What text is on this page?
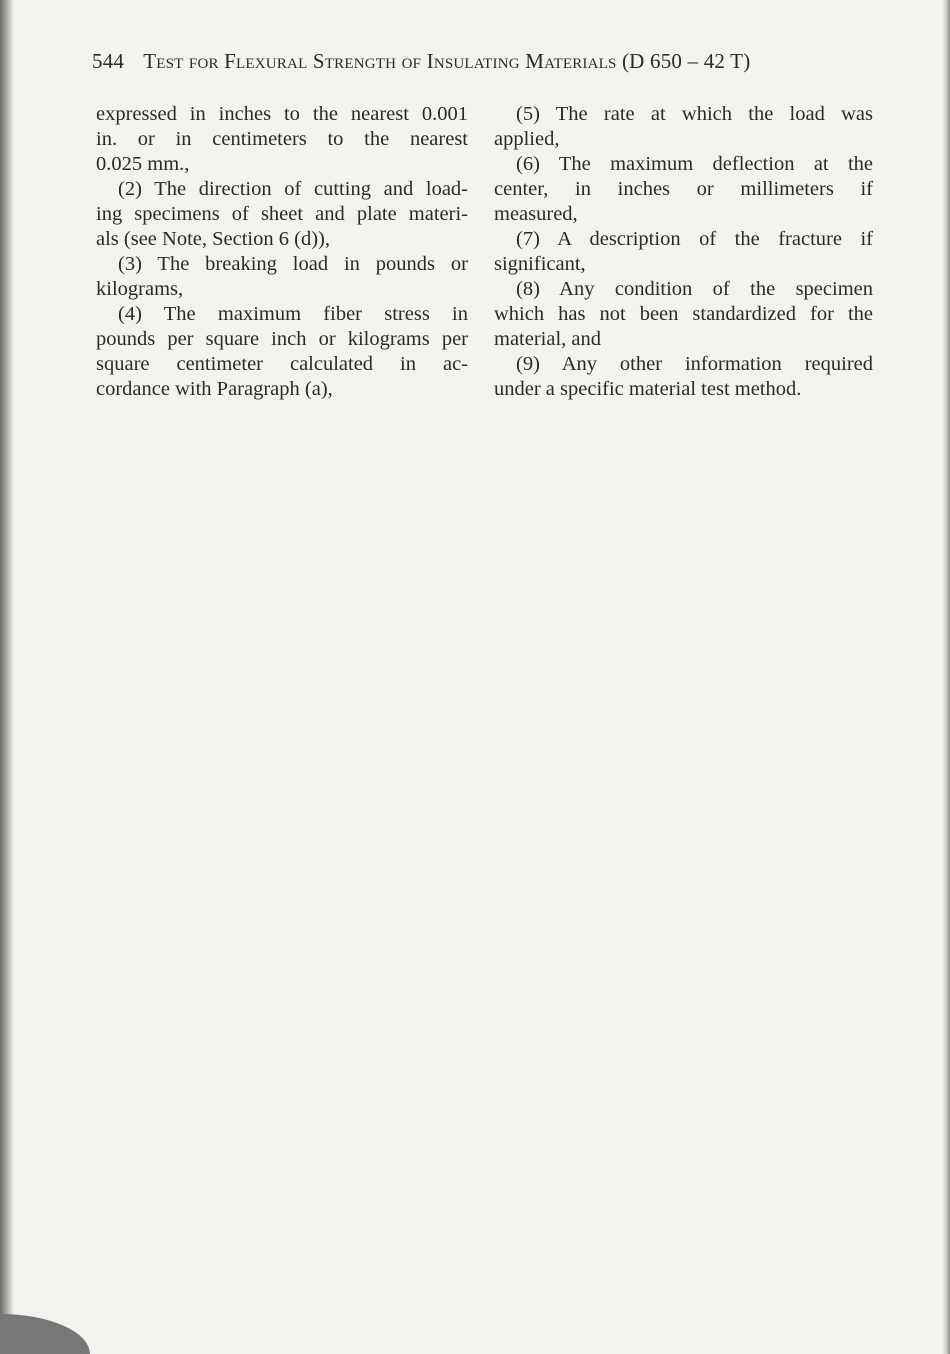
544 Test for Flexural Strength of Insulating Materials (D 650 – 42 T)
expressed in inches to the nearest 0.001
in. or in centimeters to the nearest
0.025 mm.,
(2) The direction of cutting and load-
ing specimens of sheet and plate materi-
als (see Note, Section 6 (d)),
(3) The breaking load in pounds or
kilograms,
(4) The maximum fiber stress in
pounds per square inch or kilograms per
square centimeter calculated in ac-
cordance with Paragraph (a),
(5) The rate at which the load was
applied,
(6) The maximum deflection at the
center, in inches or millimeters if
measured,
(7) A description of the fracture if
significant,
(8) Any condition of the specimen
which has not been standardized for the
material, and
(9) Any other information required
under a specific material test method.
